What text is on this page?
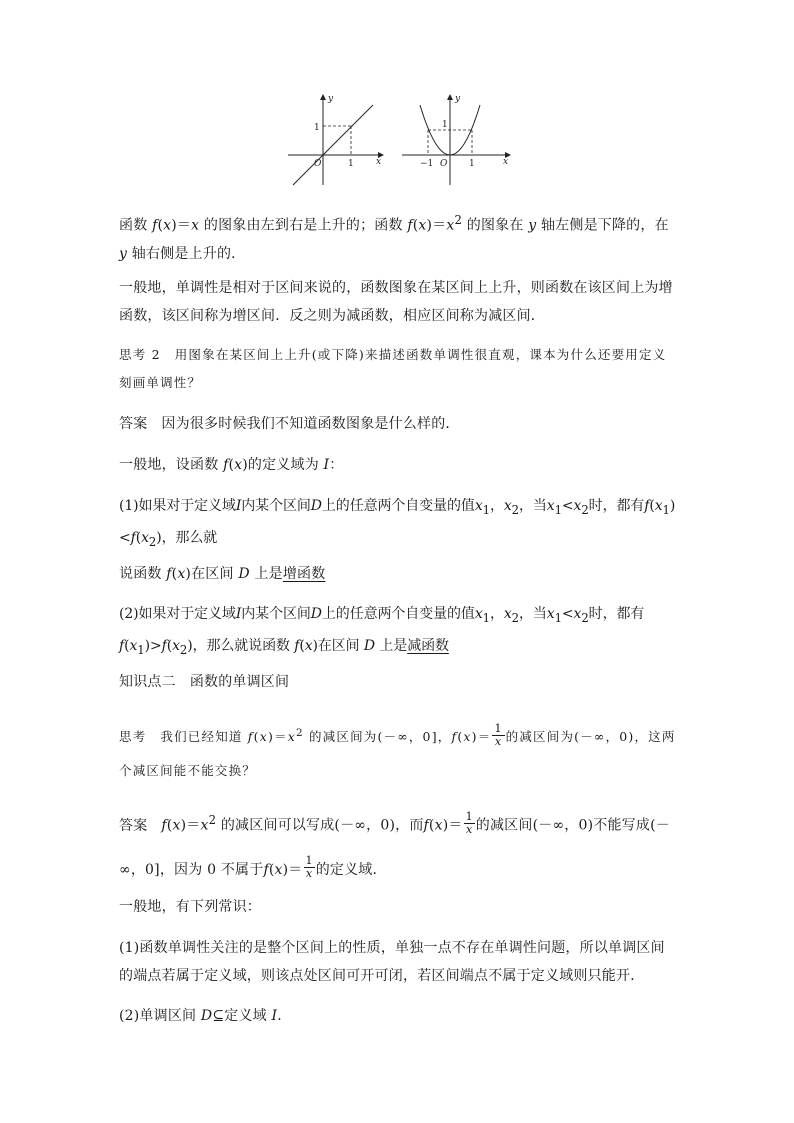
y
x
O	1
1
y
x
O
−1	1
1

函数 f(x)＝x 的图象由左到右是上升的；函数 $f(x)=x^2$ 的图象在 y 轴左侧是下降的，在 y 轴右侧是上升的．

一般地，单调性是相对于区间来说的，函数图象在某区间上上升，则函数在该区间上为增函数，该区间称为增区间．反之则为减函数，相应区间称为减区间．

思考 2 用图象在某区间上上升(或下降)来描述函数单调性很直观，课本为什么还要用定义刻画单调性？

答案 因为很多时候我们不知道函数图象是什么样的．

一般地，设函数 f(x)的定义域为 I：

(1)如果对于定义域I内某个区间D上的任意两个自变量的值$x_1$，$x_2$，当$x_1<x_2$时，都有$f(x_1)<f(x_2)$，那么就

说函数 f(x)在区间 D 上是增函数

(2)如果对于定义域I内某个区间D上的任意两个自变量的值$x_1$，$x_2$，当$x_1<x_2$时，都有$f(x_1)>f(x_2)$，那么就说函数 f(x)在区间 D 上是减函数

知识点二 函数的单调区间

思考 我们已经知道 $f(x)=x^2$ 的减区间为(－∞，0]，$f(x)= \frac{1}{x}$ 的减区间为(－∞，0)，这两个减区间能不能交换？

答案 $f(x)=x^2$ 的减区间可以写成(－∞，0)，而$f(x)= \frac{1}{x}$ 的减区间(－∞，0)不能写成(－∞，0]，因为 0 不属于$f(x)= \frac{1}{x}$ 的定义域．

一般地，有下列常识：

(1)函数单调性关注的是整个区间上的性质，单独一点不存在单调性问题，所以单调区间的端点若属于定义域，则该点处区间可开可闭，若区间端点不属于定义域则只能开．

(2)单调区间 D⊆定义域 I.
